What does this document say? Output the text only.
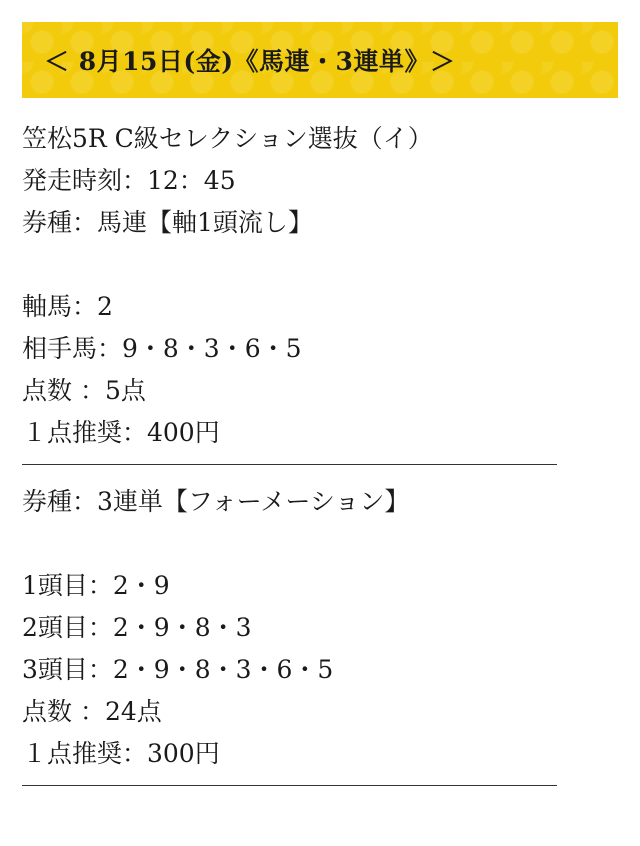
＜ 8月15日(金)《馬連・3連単》＞
笠松5R C級セレクション選抜（イ）
発走時刻：12：45
券種：馬連【軸1頭流し】
軸馬：2
相手馬：9・8・3・6・5
点数 ：5点
１点推奨：400円
券種：3連単【フォーメーション】
1頭目：2・9
2頭目：2・9・8・3
3頭目：2・9・8・3・6・5
点数 ：24点
１点推奨：300円
